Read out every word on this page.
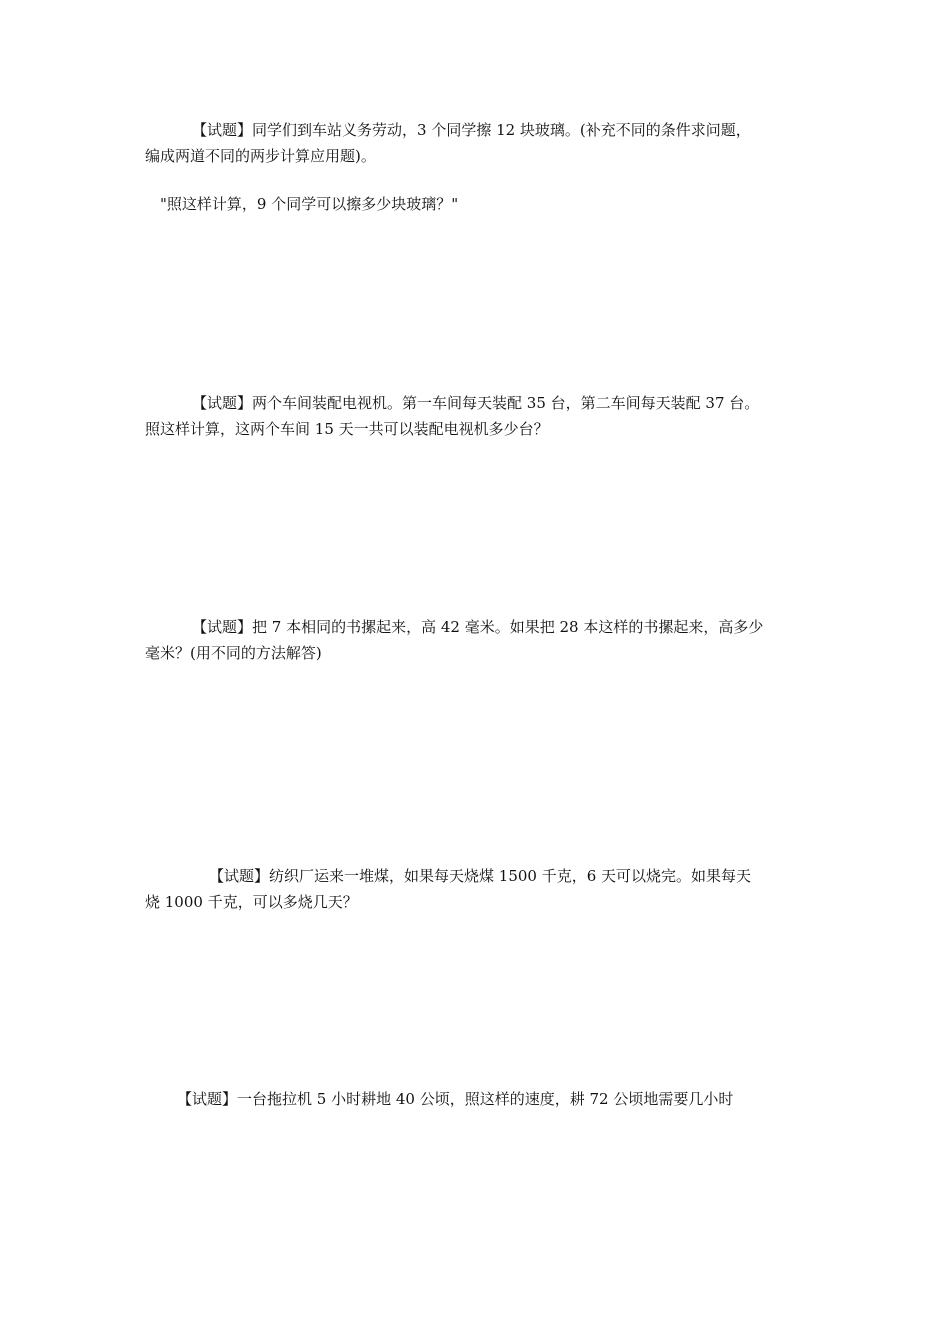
【试题】同学们到车站义务劳动，3 个同学擦 12 块玻璃。(补充不同的条件求问题，
编成两道不同的两步计算应用题)。

"照这样计算，9 个同学可以擦多少块玻璃？"

【试题】两个车间装配电视机。第一车间每天装配 35 台，第二车间每天装配 37 台。
照这样计算，这两个车间 15 天一共可以装配电视机多少台？

【试题】把 7 本相同的书摞起来，高 42 毫米。如果把 28 本这样的书摞起来，高多少
毫米？(用不同的方法解答)

【试题】纺织厂运来一堆煤，如果每天烧煤 1500 千克，6 天可以烧完。如果每天
烧 1000 千克，可以多烧几天？

【试题】一台拖拉机 5 小时耕地 40 公顷，照这样的速度，耕 72 公顷地需要几小时
